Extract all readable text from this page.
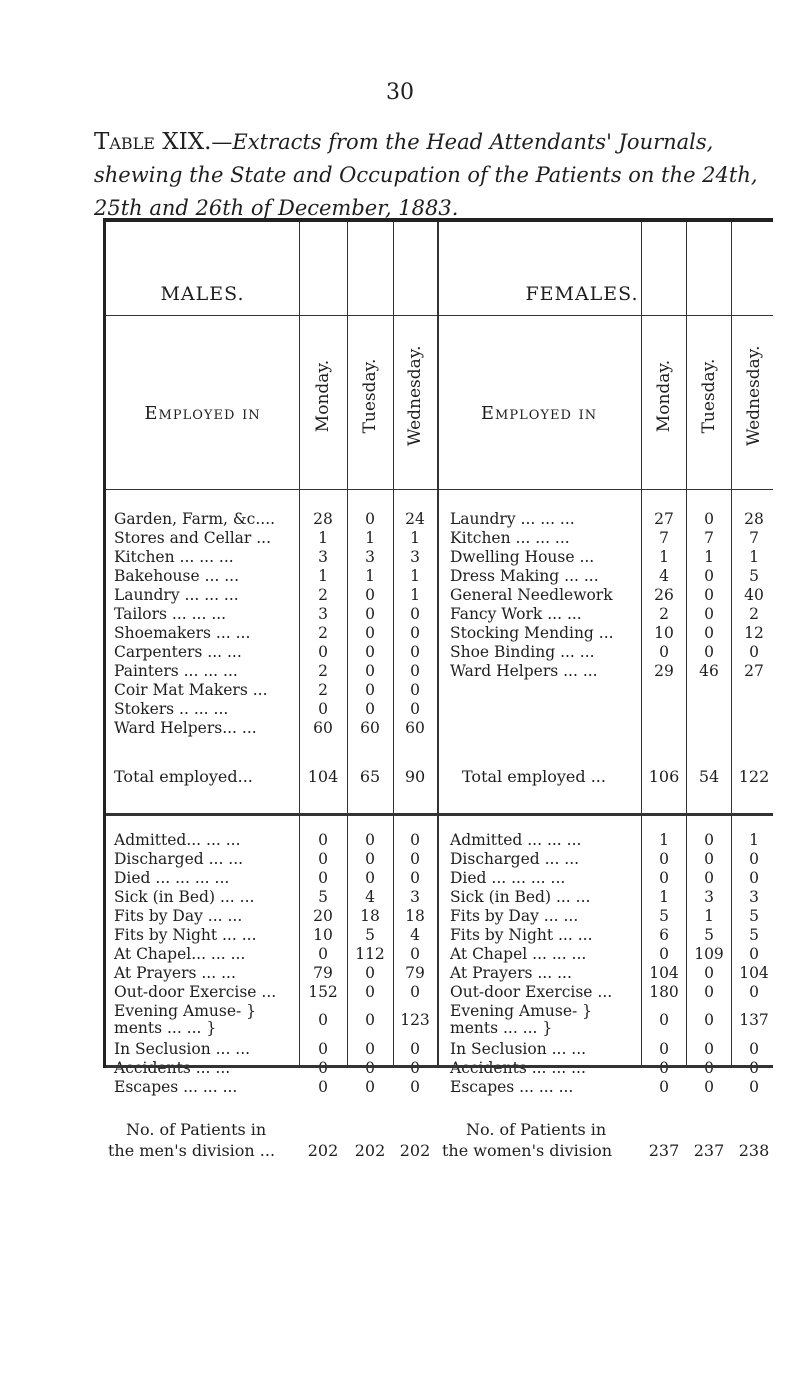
30
Table XIX.—Extracts from the Head Attendants' Journals, shewing the State and Occupation of the Patients on the 24th, 25th and 26th of December, 1883.
MALES.	FEMALES.
Employed in	Employed in
Monday. Tuesday. Wednesday.	Monday. Tuesday. Wednesday.
Garden, Farm, &c....	28	0	24	Laundry ... ... ...	27	0	28
Stores and Cellar ...	1	1	1	Kitchen ... ... ...	7	7	7
Kitchen ... ... ...	3	3	3	Dwelling House ...	1	1	1
Bakehouse ... ...	1	1	1	Dress Making ... ...	4	0	5
Laundry ... ... ...	2	0	1	General Needlework	26	0	40
Tailors ... ... ...	3	0	0	Fancy Work ... ...	2	0	2
Shoemakers ... ...	2	0	0	Stocking Mending ...	10	0	12
Carpenters ... ...	0	0	0	Shoe Binding ... ...	0	0	0
Painters ... ... ...	2	0	0	Ward Helpers ... ...	29	46	27
Coir Mat Makers ...	2	0	0
Stokers .. ... ...	0	0	0
Ward Helpers... ...	60	60	60
Total employed...	104	65	90	Total employed ...	106	54	122
Admitted... ... ...	0	0	0	Admitted ... ... ...	1	0	1
Discharged ... ...	0	0	0	Discharged ... ...	0	0	0
Died ... ... ... ...	0	0	0	Died ... ... ... ...	0	0	0
Sick (in Bed) ... ...	5	4	3	Sick (in Bed) ... ...	1	3	3
Fits by Day ... ...	20	18	18	Fits by Day ... ...	5	1	5
Fits by Night ... ...	10	5	4	Fits by Night ... ...	6	5	5
At Chapel... ... ...	0	112	0	At Chapel ... ... ...	0	109	0
At Prayers ... ...	79	0	79	At Prayers ... ...	104	0	104
Out-door Exercise ...	152	0	0	Out-door Exercise ...	180	0	0
Evening Amuse- }
ments ... ... }	0	0	123	Evening Amuse- }
ments ... ... }	0	0	137
In Seclusion ... ...	0	0	0	In Seclusion ... ...	0	0	0
Accidents ... ...	0	0	0	Accidents ... ... ...	0	0	0
Escapes ... ... ...	0	0	0	Escapes ... ... ...	0	0	0
No. of Patients in
the men's division ...	202	202 202
No. of Patients in
the women's division	237 237 238
